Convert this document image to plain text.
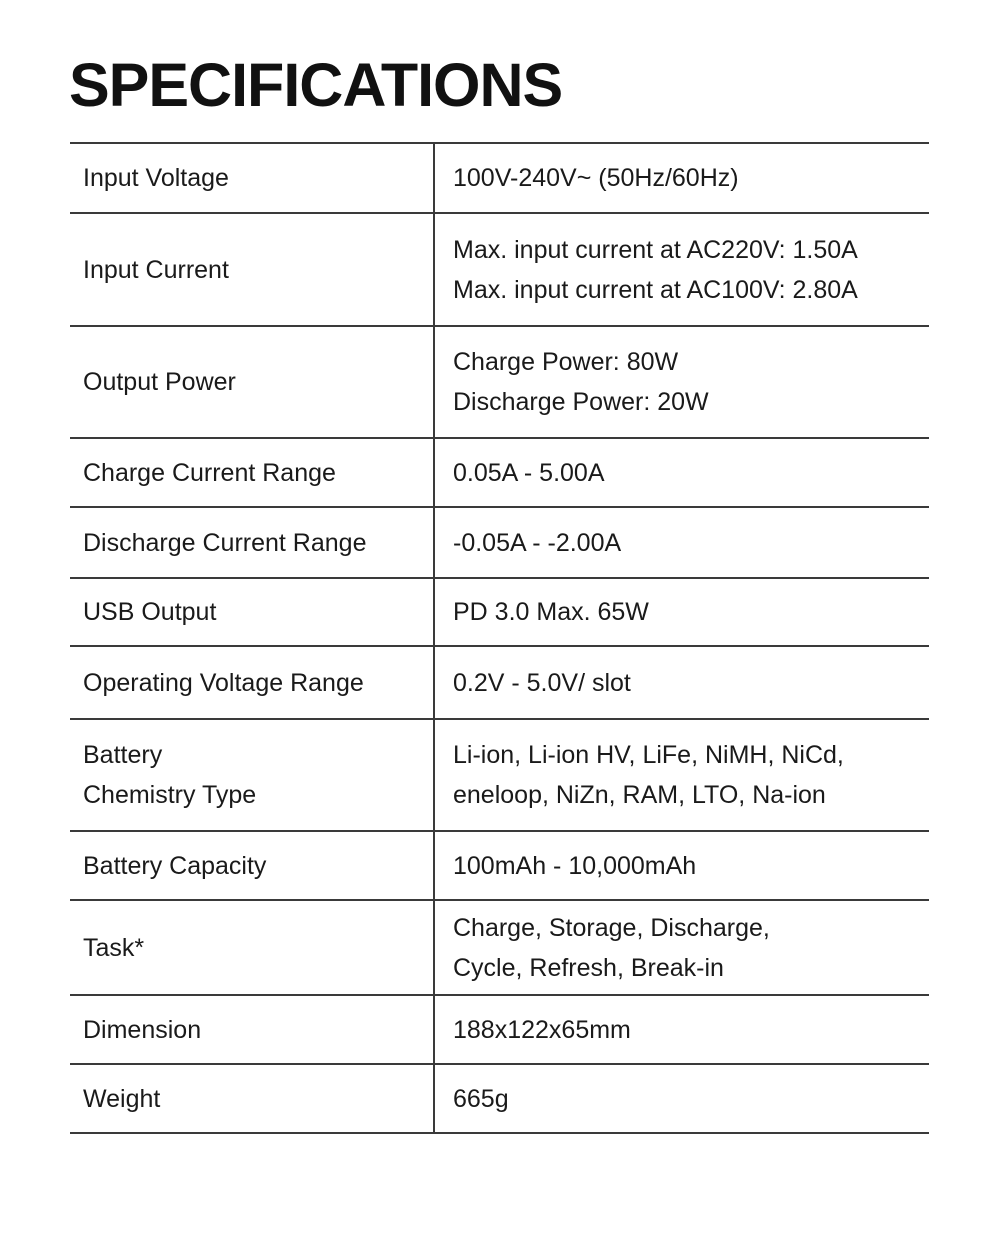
SPECIFICATIONS
Input Voltage	100V-240V~ (50Hz/60Hz)

Input Current	Max. input current at AC220V: 1.50A
Max. input current at AC100V: 2.80A

Output Power	Charge Power: 80W
Discharge Power: 20W

Charge Current Range	0.05A - 5.00A

Discharge Current Range	-0.05A - -2.00A

USB Output	PD 3.0 Max. 65W

Operating Voltage Range	0.2V - 5.0V/ slot

Battery
Chemistry Type	Li-ion, Li-ion HV, LiFe, NiMH, NiCd,
eneloop, NiZn, RAM, LTO, Na-ion

Battery Capacity	100mAh - 10,000mAh

Task*	Charge, Storage, Discharge,
Cycle, Refresh, Break-in

Dimension	188x122x65mm

Weight	665g
